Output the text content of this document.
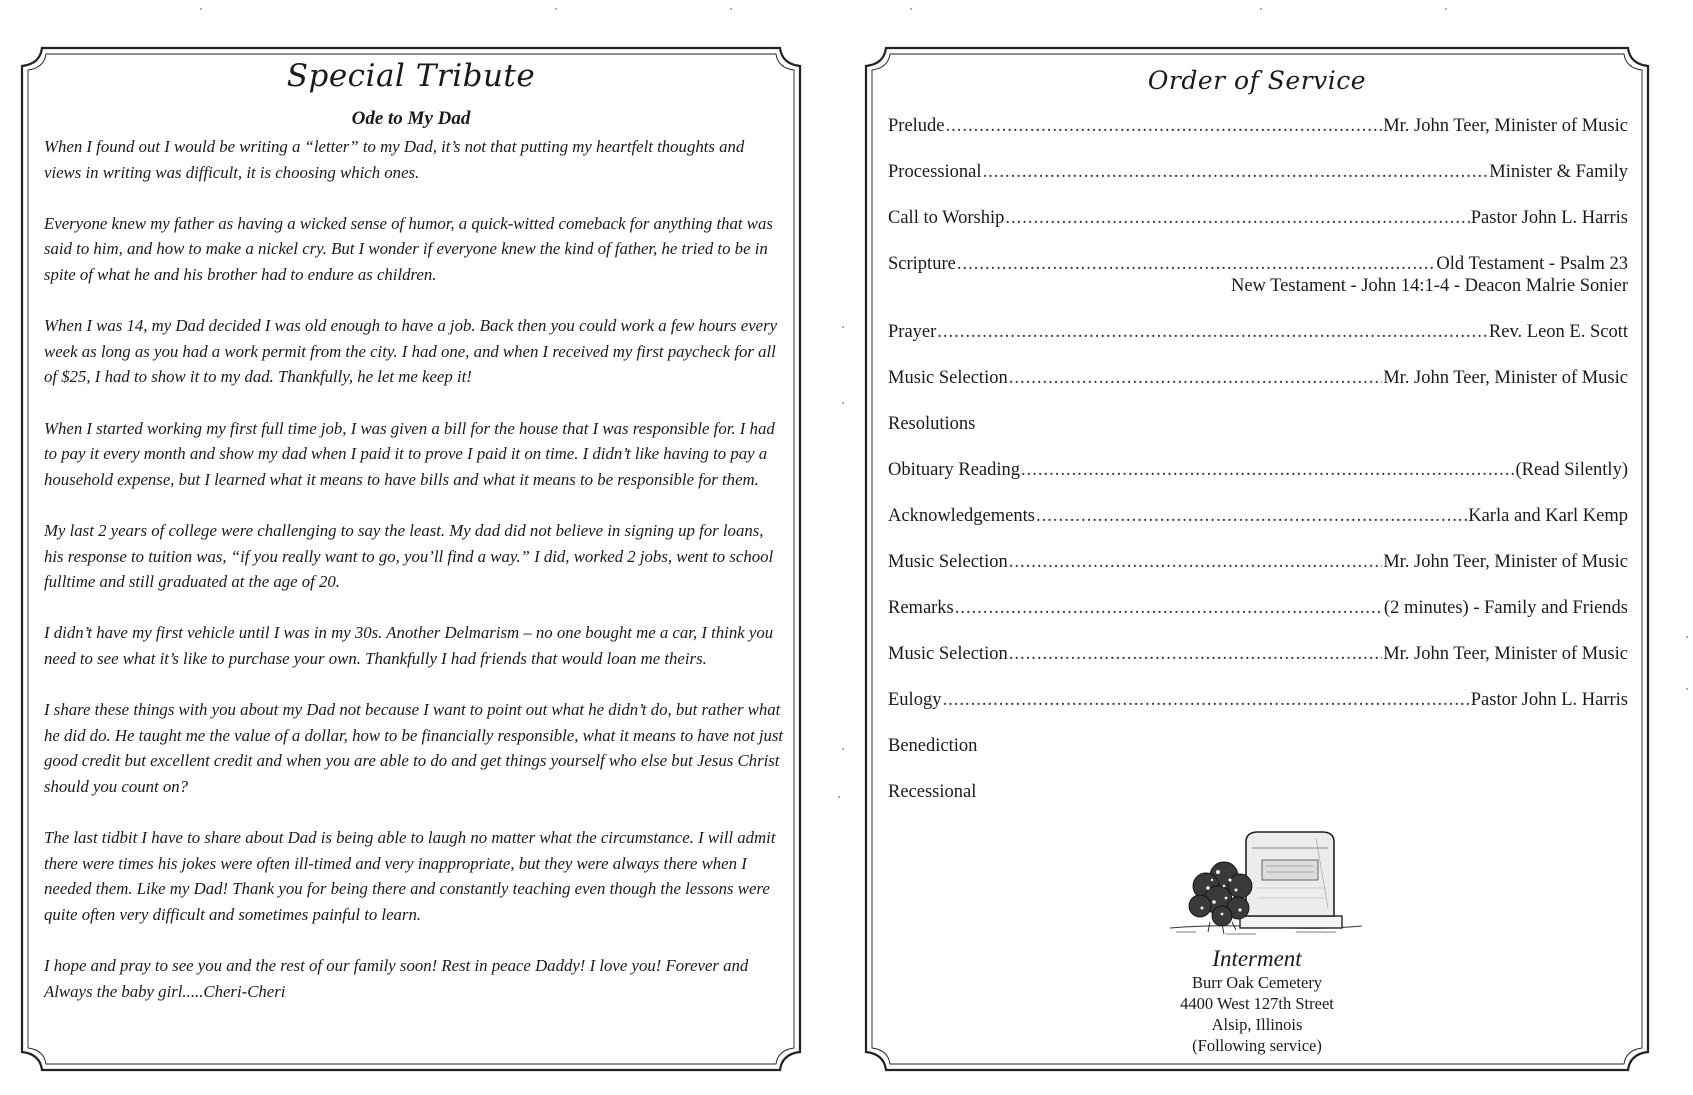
Special Tribute
Ode to My Dad

When I found out I would be writing a “letter” to my Dad, it’s not that putting my heartfelt thoughts and views in writing was difficult, it is choosing which ones.

Everyone knew my father as having a wicked sense of humor, a quick-witted comeback for anything that was said to him, and how to make a nickel cry. But I wonder if everyone knew the kind of father, he tried to be in spite of what he and his brother had to endure as children.

When I was 14, my Dad decided I was old enough to have a job. Back then you could work a few hours every week as long as you had a work permit from the city. I had one, and when I received my first paycheck for all of $25, I had to show it to my dad. Thankfully, he let me keep it!

When I started working my first full time job, I was given a bill for the house that I was responsible for. I had to pay it every month and show my dad when I paid it to prove I paid it on time. I didn’t like having to pay a household expense, but I learned what it means to have bills and what it means to be responsible for them.

My last 2 years of college were challenging to say the least. My dad did not believe in signing up for loans, his response to tuition was, “if you really want to go, you’ll find a way.” I did, worked 2 jobs, went to school fulltime and still graduated at the age of 20.

I didn’t have my first vehicle until I was in my 30s. Another Delmarism – no one bought me a car, I think you need to see what it’s like to purchase your own. Thankfully I had friends that would loan me theirs.

I share these things with you about my Dad not because I want to point out what he didn’t do, but rather what he did do. He taught me the value of a dollar, how to be financially responsible, what it means to have not just good credit but excellent credit and when you are able to do and get things yourself who else but Jesus Christ should you count on?

The last tidbit I have to share about Dad is being able to laugh no matter what the circumstance. I will admit there were times his jokes were often ill-timed and very inappropriate, but they were always there when I needed them. Like my Dad! Thank you for being there and constantly teaching even though the lessons were quite often very difficult and sometimes painful to learn.

I hope and pray to see you and the rest of our family soon! Rest in peace Daddy! I love you! Forever and Always the baby girl.....Cheri-Cheri

Order of Service
Prelude .....	Mr. John Teer, Minister of Music
Processional .....	Minister & Family
Call to Worship .....	Pastor John L. Harris
Scripture .....	Old Testament - Psalm 23
New Testament - John 14:1-4 - Deacon Malrie Sonier
Prayer .....	Rev. Leon E. Scott
Music Selection .....	Mr. John Teer, Minister of Music
Resolutions
Obituary Reading .....	(Read Silently)
Acknowledgements .....	Karla and Karl Kemp
Music Selection .....	Mr. John Teer, Minister of Music
Remarks .....	(2 minutes) - Family and Friends
Music Selection .....	Mr. John Teer, Minister of Music
Eulogy .....	Pastor John L. Harris
Benediction
Recessional
Interment
Burr Oak Cemetery
4400 West 127th Street
Alsip, Illinois
(Following service)
